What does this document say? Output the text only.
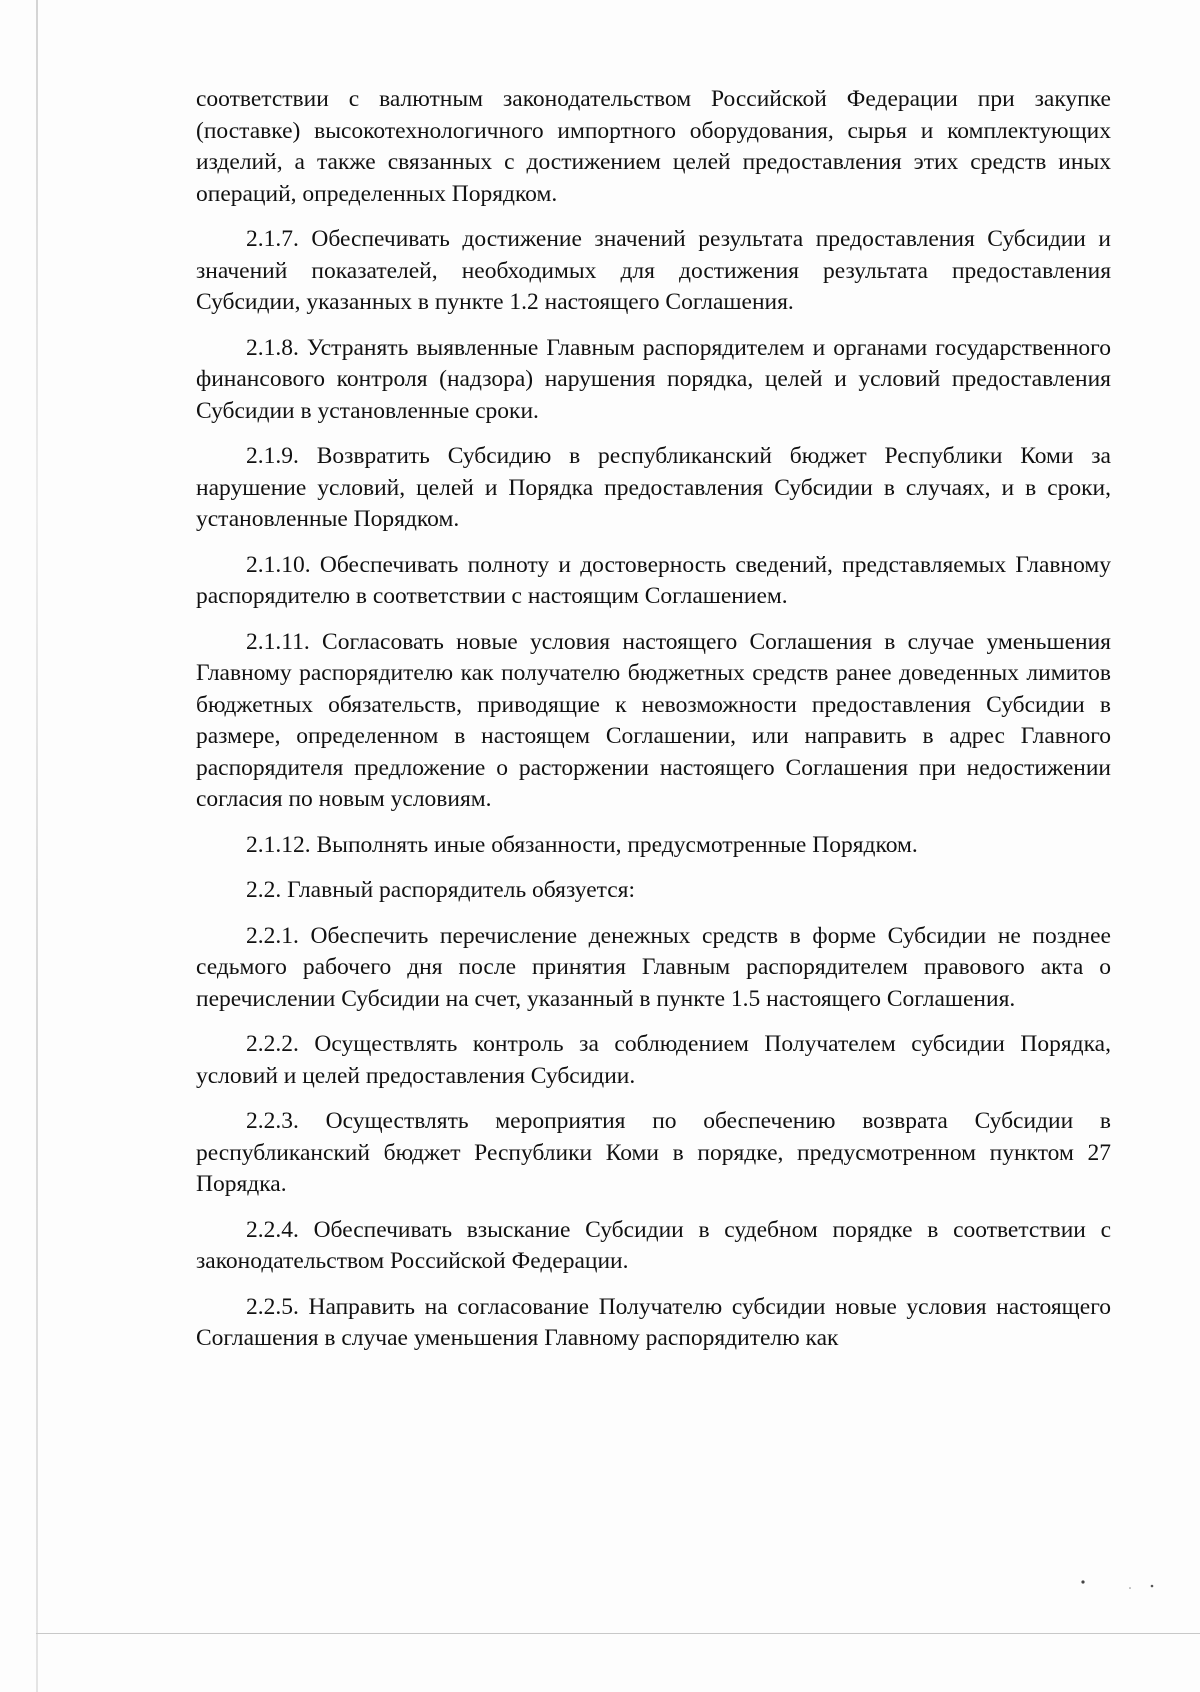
соответствии с валютным законодательством Российской Федерации при закупке (поставке) высокотехнологичного импортного оборудования, сырья и комплектующих изделий, а также связанных с достижением целей предоставления этих средств иных операций, определенных Порядком.

2.1.7. Обеспечивать достижение значений результата предоставления Субсидии и значений показателей, необходимых для достижения результата предоставления Субсидии, указанных в пункте 1.2 настоящего Соглашения.

2.1.8. Устранять выявленные Главным распорядителем и органами государственного финансового контроля (надзора) нарушения порядка, целей и условий предоставления Субсидии в установленные сроки.

2.1.9. Возвратить Субсидию в республиканский бюджет Республики Коми за нарушение условий, целей и Порядка предоставления Субсидии в случаях, и в сроки, установленные Порядком.

2.1.10. Обеспечивать полноту и достоверность сведений, представляемых Главному распорядителю в соответствии с настоящим Соглашением.

2.1.11. Согласовать новые условия настоящего Соглашения в случае уменьшения Главному распорядителю как получателю бюджетных средств ранее доведенных лимитов бюджетных обязательств, приводящие к невозможности предоставления Субсидии в размере, определенном в настоящем Соглашении, или направить в адрес Главного распорядителя предложение о расторжении настоящего Соглашения при недостижении согласия по новым условиям.

2.1.12. Выполнять иные обязанности, предусмотренные Порядком.

2.2. Главный распорядитель обязуется:

2.2.1. Обеспечить перечисление денежных средств в форме Субсидии не позднее седьмого рабочего дня после принятия Главным распорядителем правового акта о перечислении Субсидии на счет, указанный в пункте 1.5 настоящего Соглашения.

2.2.2. Осуществлять контроль за соблюдением Получателем субсидии Порядка, условий и целей предоставления Субсидии.

2.2.3. Осуществлять мероприятия по обеспечению возврата Субсидии в республиканский бюджет Республики Коми в порядке, предусмотренном пунктом 27 Порядка.

2.2.4. Обеспечивать взыскание Субсидии в судебном порядке в соответствии с законодательством Российской Федерации.

2.2.5. Направить на согласование Получателю субсидии новые условия настоящего Соглашения в случае уменьшения Главному распорядителю как
